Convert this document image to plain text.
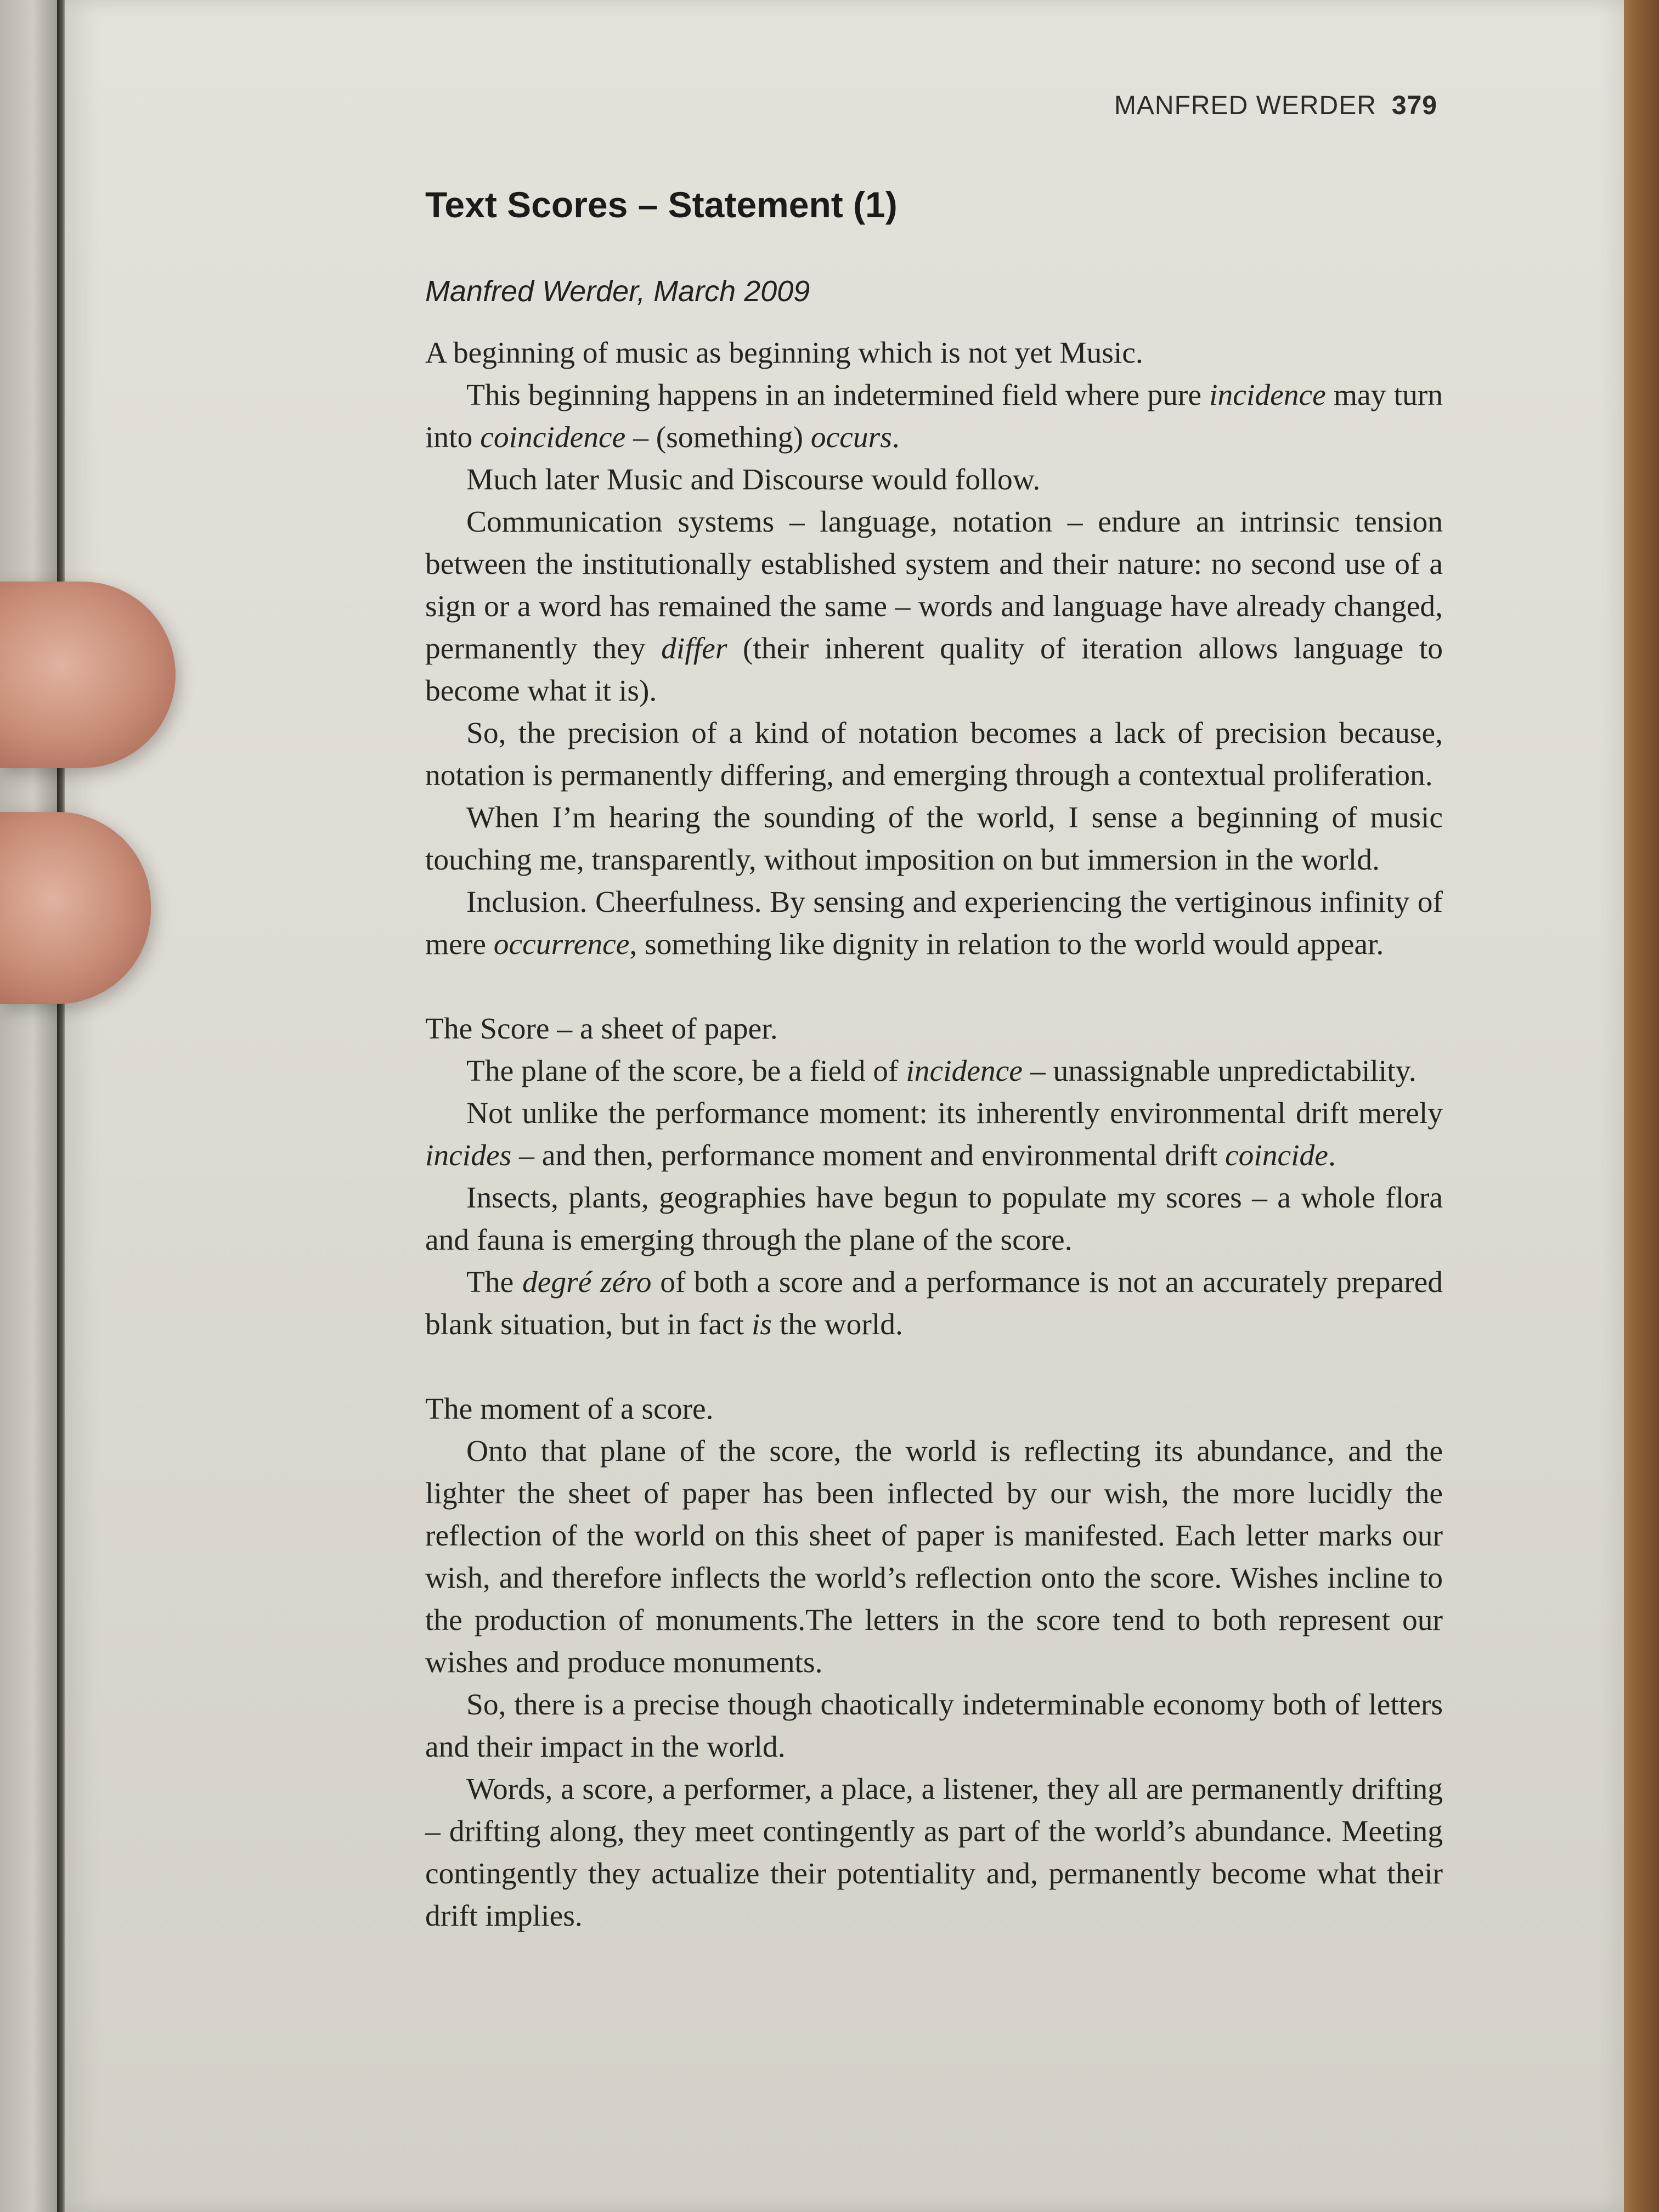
MANFRED WERDER 379
Text Scores – Statement (1)
Manfred Werder, March 2009

A beginning of music as beginning which is not yet Music.

This beginning happens in an indetermined field where pure incidence may turn into coincidence – (something) occurs.

Much later Music and Discourse would follow.

Communication systems – language, notation – endure an intrinsic tension between the institutionally established system and their nature: no second use of a sign or a word has remained the same – words and language have already changed, permanently they differ (their inherent quality of iteration allows language to become what it is).

So, the precision of a kind of notation becomes a lack of precision because, notation is permanently differing, and emerging through a contextual proliferation.

When I’m hearing the sounding of the world, I sense a beginning of music touching me, transparently, without imposition on but immersion in the world.

Inclusion. Cheerfulness. By sensing and experiencing the vertiginous infinity of mere occurrence, something like dignity in relation to the world would appear.

The Score – a sheet of paper.

The plane of the score, be a field of incidence – unassignable unpredictability.

Not unlike the performance moment: its inherently environmental drift merely incides – and then, performance moment and environmental drift coincide.

Insects, plants, geographies have begun to populate my scores – a whole flora and fauna is emerging through the plane of the score.

The degré zéro of both a score and a performance is not an accurately prepared blank situation, but in fact is the world.

The moment of a score.

Onto that plane of the score, the world is reflecting its abundance, and the lighter the sheet of paper has been inflected by our wish, the more lucidly the reflection of the world on this sheet of paper is manifested. Each letter marks our wish, and therefore inflects the world’s reflection onto the score. Wishes incline to the production of monuments.The letters in the score tend to both represent our wishes and produce monuments.

So, there is a precise though chaotically indeterminable economy both of letters and their impact in the world.

Words, a score, a performer, a place, a listener, they all are permanently drifting – drifting along, they meet contingently as part of the world’s abundance. Meeting contingently they actualize their potentiality and, permanently become what their drift implies.
